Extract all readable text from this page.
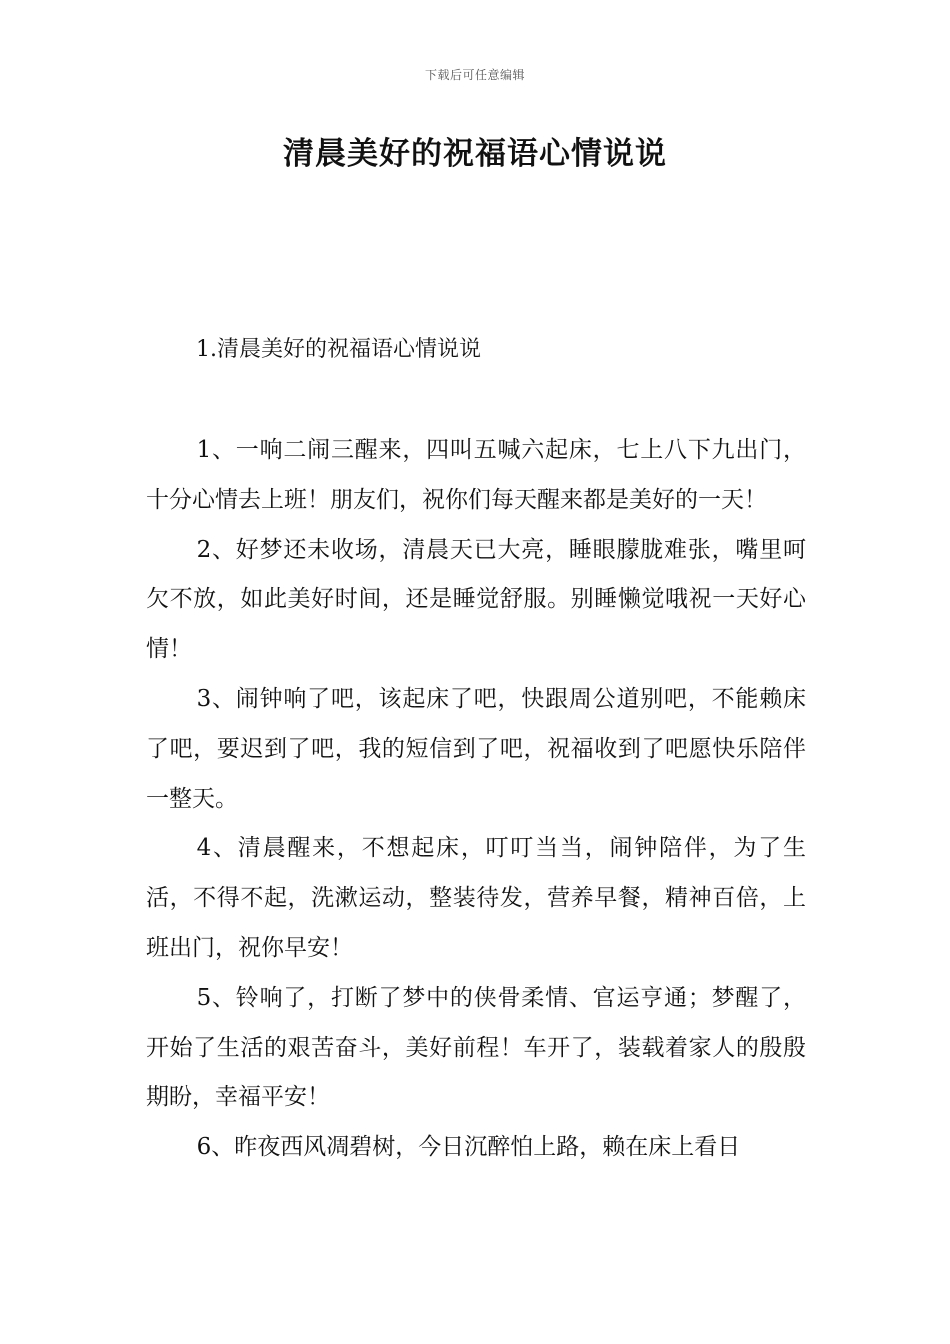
下载后可任意编辑
清晨美好的祝福语心情说说
1.清晨美好的祝福语心情说说

1、一响二闹三醒来，四叫五喊六起床，七上八下九出门，十分心情去上班！朋友们，祝你们每天醒来都是美好的一天！

2、好梦还未收场，清晨天已大亮，睡眼朦胧难张，嘴里呵欠不放，如此美好时间，还是睡觉舒服。别睡懒觉哦祝一天好心情！

3、闹钟响了吧，该起床了吧，快跟周公道别吧，不能赖床了吧，要迟到了吧，我的短信到了吧，祝福收到了吧愿快乐陪伴一整天。

4、清晨醒来，不想起床，叮叮当当，闹钟陪伴，为了生活，不得不起，洗漱运动，整装待发，营养早餐，精神百倍，上班出门，祝你早安！

5、铃响了，打断了梦中的侠骨柔情、官运亨通；梦醒了，开始了生活的艰苦奋斗，美好前程！车开了，装载着家人的殷殷期盼，幸福平安！

6、昨夜西风凋碧树，今日沉醉怕上路，赖在床上看日
